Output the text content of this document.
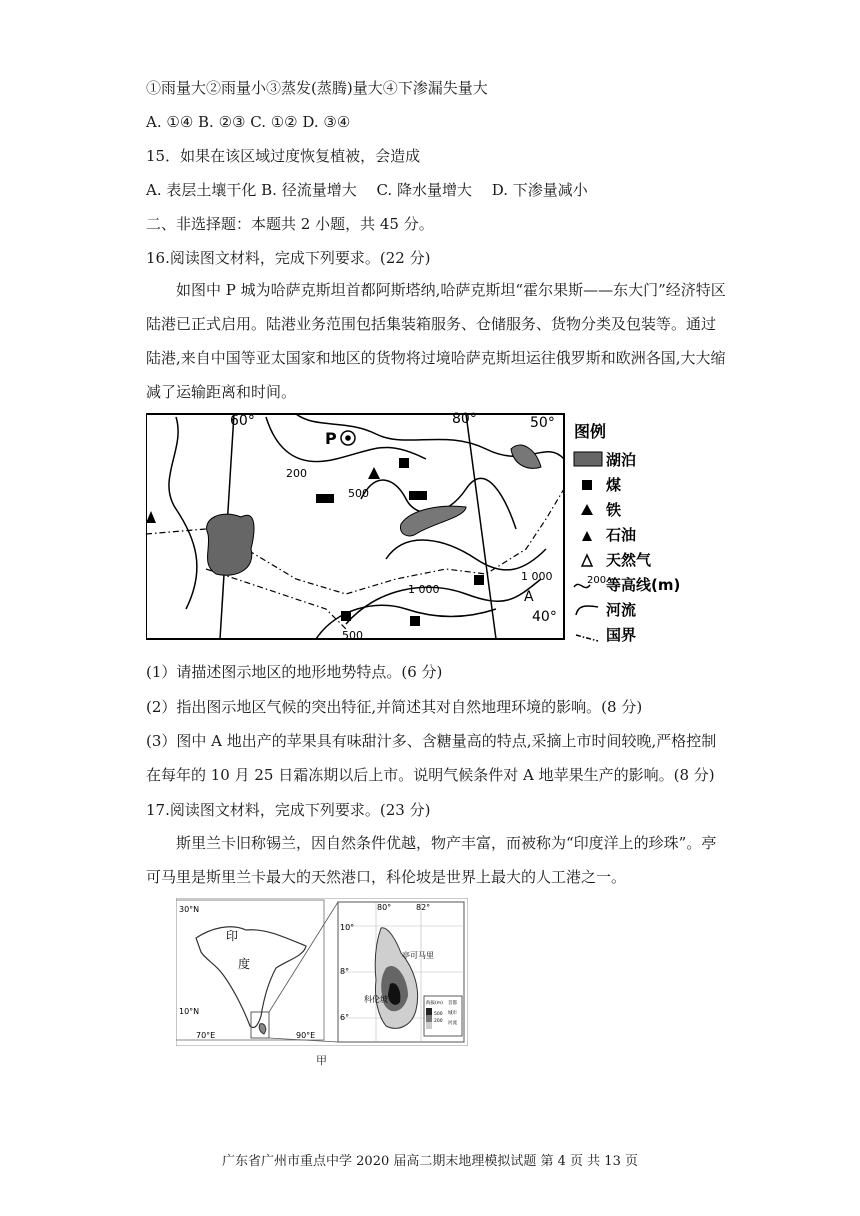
①雨量大②雨量小③蒸发(蒸腾)量大④下渗漏失量大
A. ①④ B. ②③ C. ①② D. ③④
15．如果在该区域过度恢复植被，会造成
A. 表层土壤干化 B. 径流量增大　 C. 降水量增大　 D. 下渗量减小
二、非选择题：本题共 2 小题，共 45 分。
16.阅读图文材料，完成下列要求。(22 分)
如图中 P 城为哈萨克斯坦首都阿斯塔纳,哈萨克斯坦“霍尔果斯——东大门”经济特区陆港已正式启用。陆港业务范围包括集装箱服务、仓储服务、货物分类及包装等。通过陆港,来自中国等亚太国家和地区的货物将过境哈萨克斯坦运往俄罗斯和欧洲各国,大大缩减了运输距离和时间。
P
60°	80°	50°
40°
200
500
1 000
1 000
500
A
图例
湖泊
煤
铁
石油
天然气
200 等高线(m)
河流
国界
(1）请描述图示地区的地形地势特点。(6 分)
(2）指出图示地区气候的突出特征,并简述其对自然地理环境的影响。(8 分)
(3）图中 A 地出产的苹果具有味甜汁多、含糖量高的特点,采摘上市时间较晚,严格控制在每年的 10 月 25 日霜冻期以后上市。说明气候条件对 A 地苹果生产的影响。(8 分)
17.阅读图文材料，完成下列要求。(23 分)
斯里兰卡旧称锡兰，因自然条件优越，物产丰富，而被称为“印度洋上的珍珠”。亭可马里是斯里兰卡最大的天然港口，科伦坡是世界上最大的人工港之一。
30°N
印
度
10°N
70°E	90°E
80°	82°
10°
8°
6°
亭可马里
科伦坡	海拔(m)
500
200
首都
城市
河流
甲
广东省广州市重点中学 2020 届高二期末地理模拟试题 第 4 页 共 13 页
